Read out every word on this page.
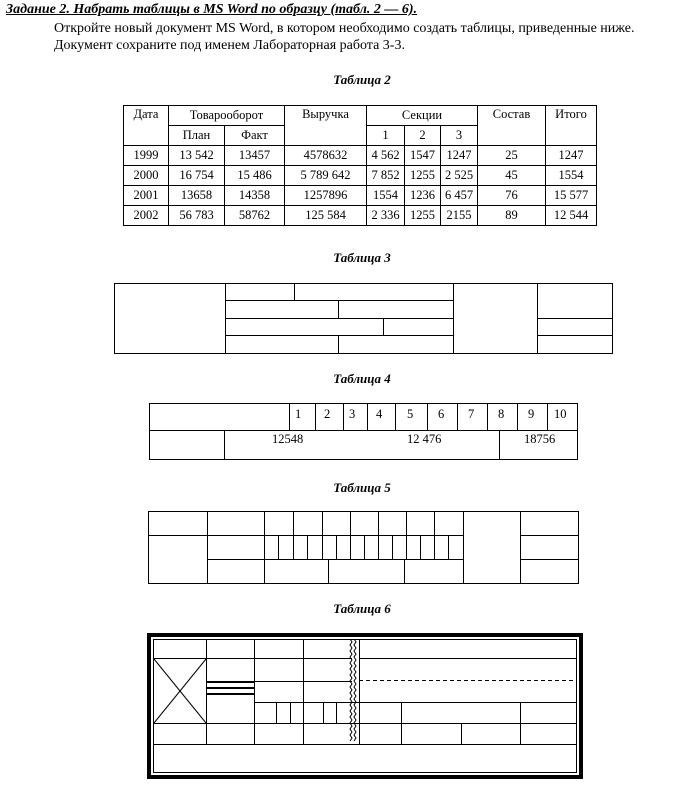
Задание 2. Набрать таблицы в MS Word по образцу (табл. 2 — 6).
Откройте новый документ MS Word, в котором необходимо создать таблицы, приведенные ниже.
Документ сохраните под именем Лабораторная работа 3-3.
Таблица 2
Дата	Товарооборот		Выручка	Секции			Состав	Итого
	План	Факт		1	2	3		
1999	13 542	13457	4578632	4 562	1547	1247	25	1247
2000	16 754	15 486	5 789 642	7 852	1255	2 525	45	1554
2001	13658	14358	1257896	1554	1236	6 457	76	15 577
2002	56 783	58762	125 584	2 336	1255	2155	89	12 544
Таблица 3
Таблица 4
1 2 3 4 5 6 7 8 9 10
12548	12 476	18756
Таблица 5
Таблица 6
